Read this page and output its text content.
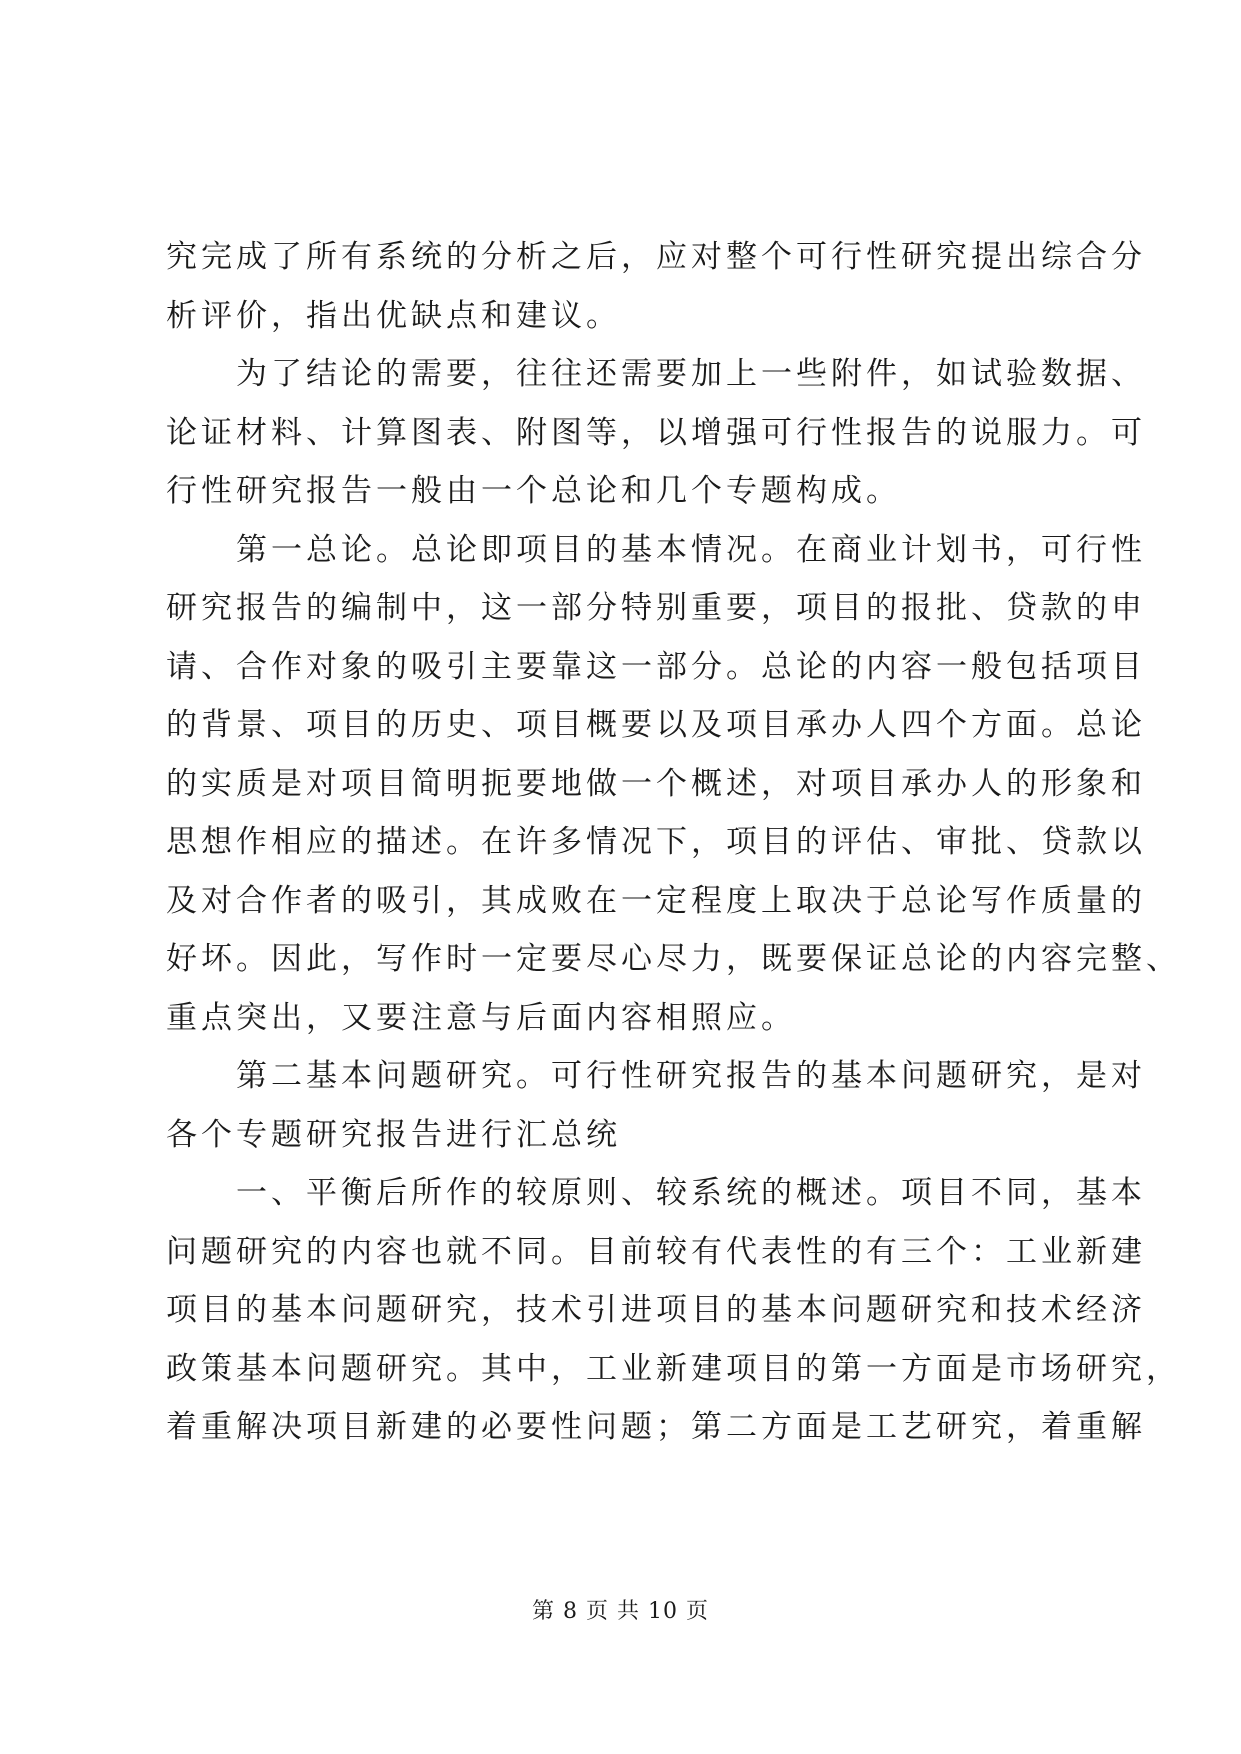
究完成了所有系统的分析之后，应对整个可行性研究提出综合分
析评价，指出优缺点和建议。
为了结论的需要，往往还需要加上一些附件，如试验数据、
论证材料、计算图表、附图等，以增强可行性报告的说服力。可
行性研究报告一般由一个总论和几个专题构成。
第一总论。总论即项目的基本情况。在商业计划书，可行性
研究报告的编制中，这一部分特别重要，项目的报批、贷款的申
请、合作对象的吸引主要靠这一部分。总论的内容一般包括项目
的背景、项目的历史、项目概要以及项目承办人四个方面。总论
的实质是对项目简明扼要地做一个概述，对项目承办人的形象和
思想作相应的描述。在许多情况下，项目的评估、审批、贷款以
及对合作者的吸引，其成败在一定程度上取决于总论写作质量的
好坏。因此，写作时一定要尽心尽力，既要保证总论的内容完整、
重点突出，又要注意与后面内容相照应。
第二基本问题研究。可行性研究报告的基本问题研究，是对
各个专题研究报告进行汇总统
一、平衡后所作的较原则、较系统的概述。项目不同，基本
问题研究的内容也就不同。目前较有代表性的有三个：工业新建
项目的基本问题研究，技术引进项目的基本问题研究和技术经济
政策基本问题研究。其中，工业新建项目的第一方面是市场研究，
着重解决项目新建的必要性问题；第二方面是工艺研究，着重解
第 8 页 共 10 页
